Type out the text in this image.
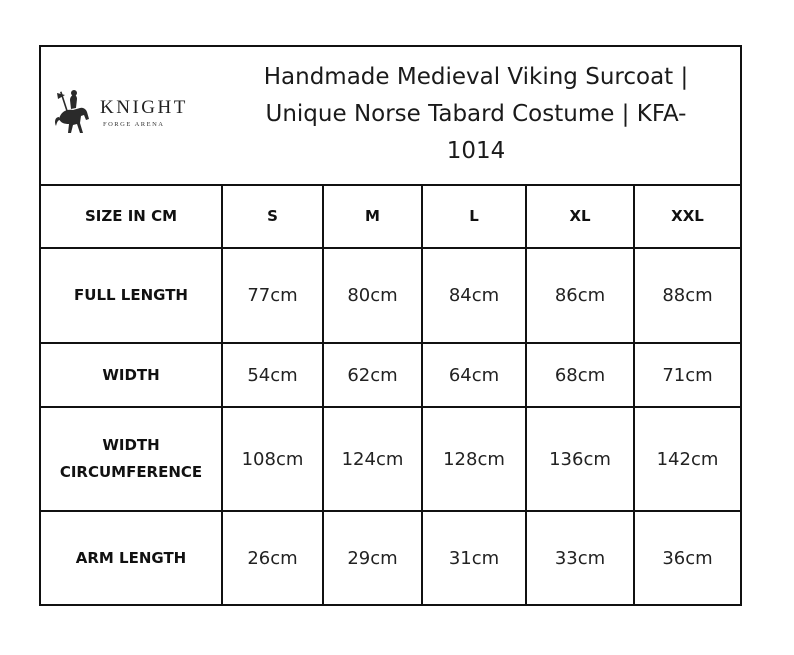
KNIGHT
FORGE ARENA
Handmade Medieval Viking Surcoat |
Unique Norse Tabard Costume | KFA-
1014
SIZE IN CM	S	M	L	XL	XXL
FULL LENGTH	77cm	80cm	84cm	86cm	88cm
WIDTH	54cm	62cm	64cm	68cm	71cm
WIDTH CIRCUMFERENCE	108cm	124cm	128cm	136cm	142cm
ARM LENGTH	26cm	29cm	31cm	33cm	36cm
